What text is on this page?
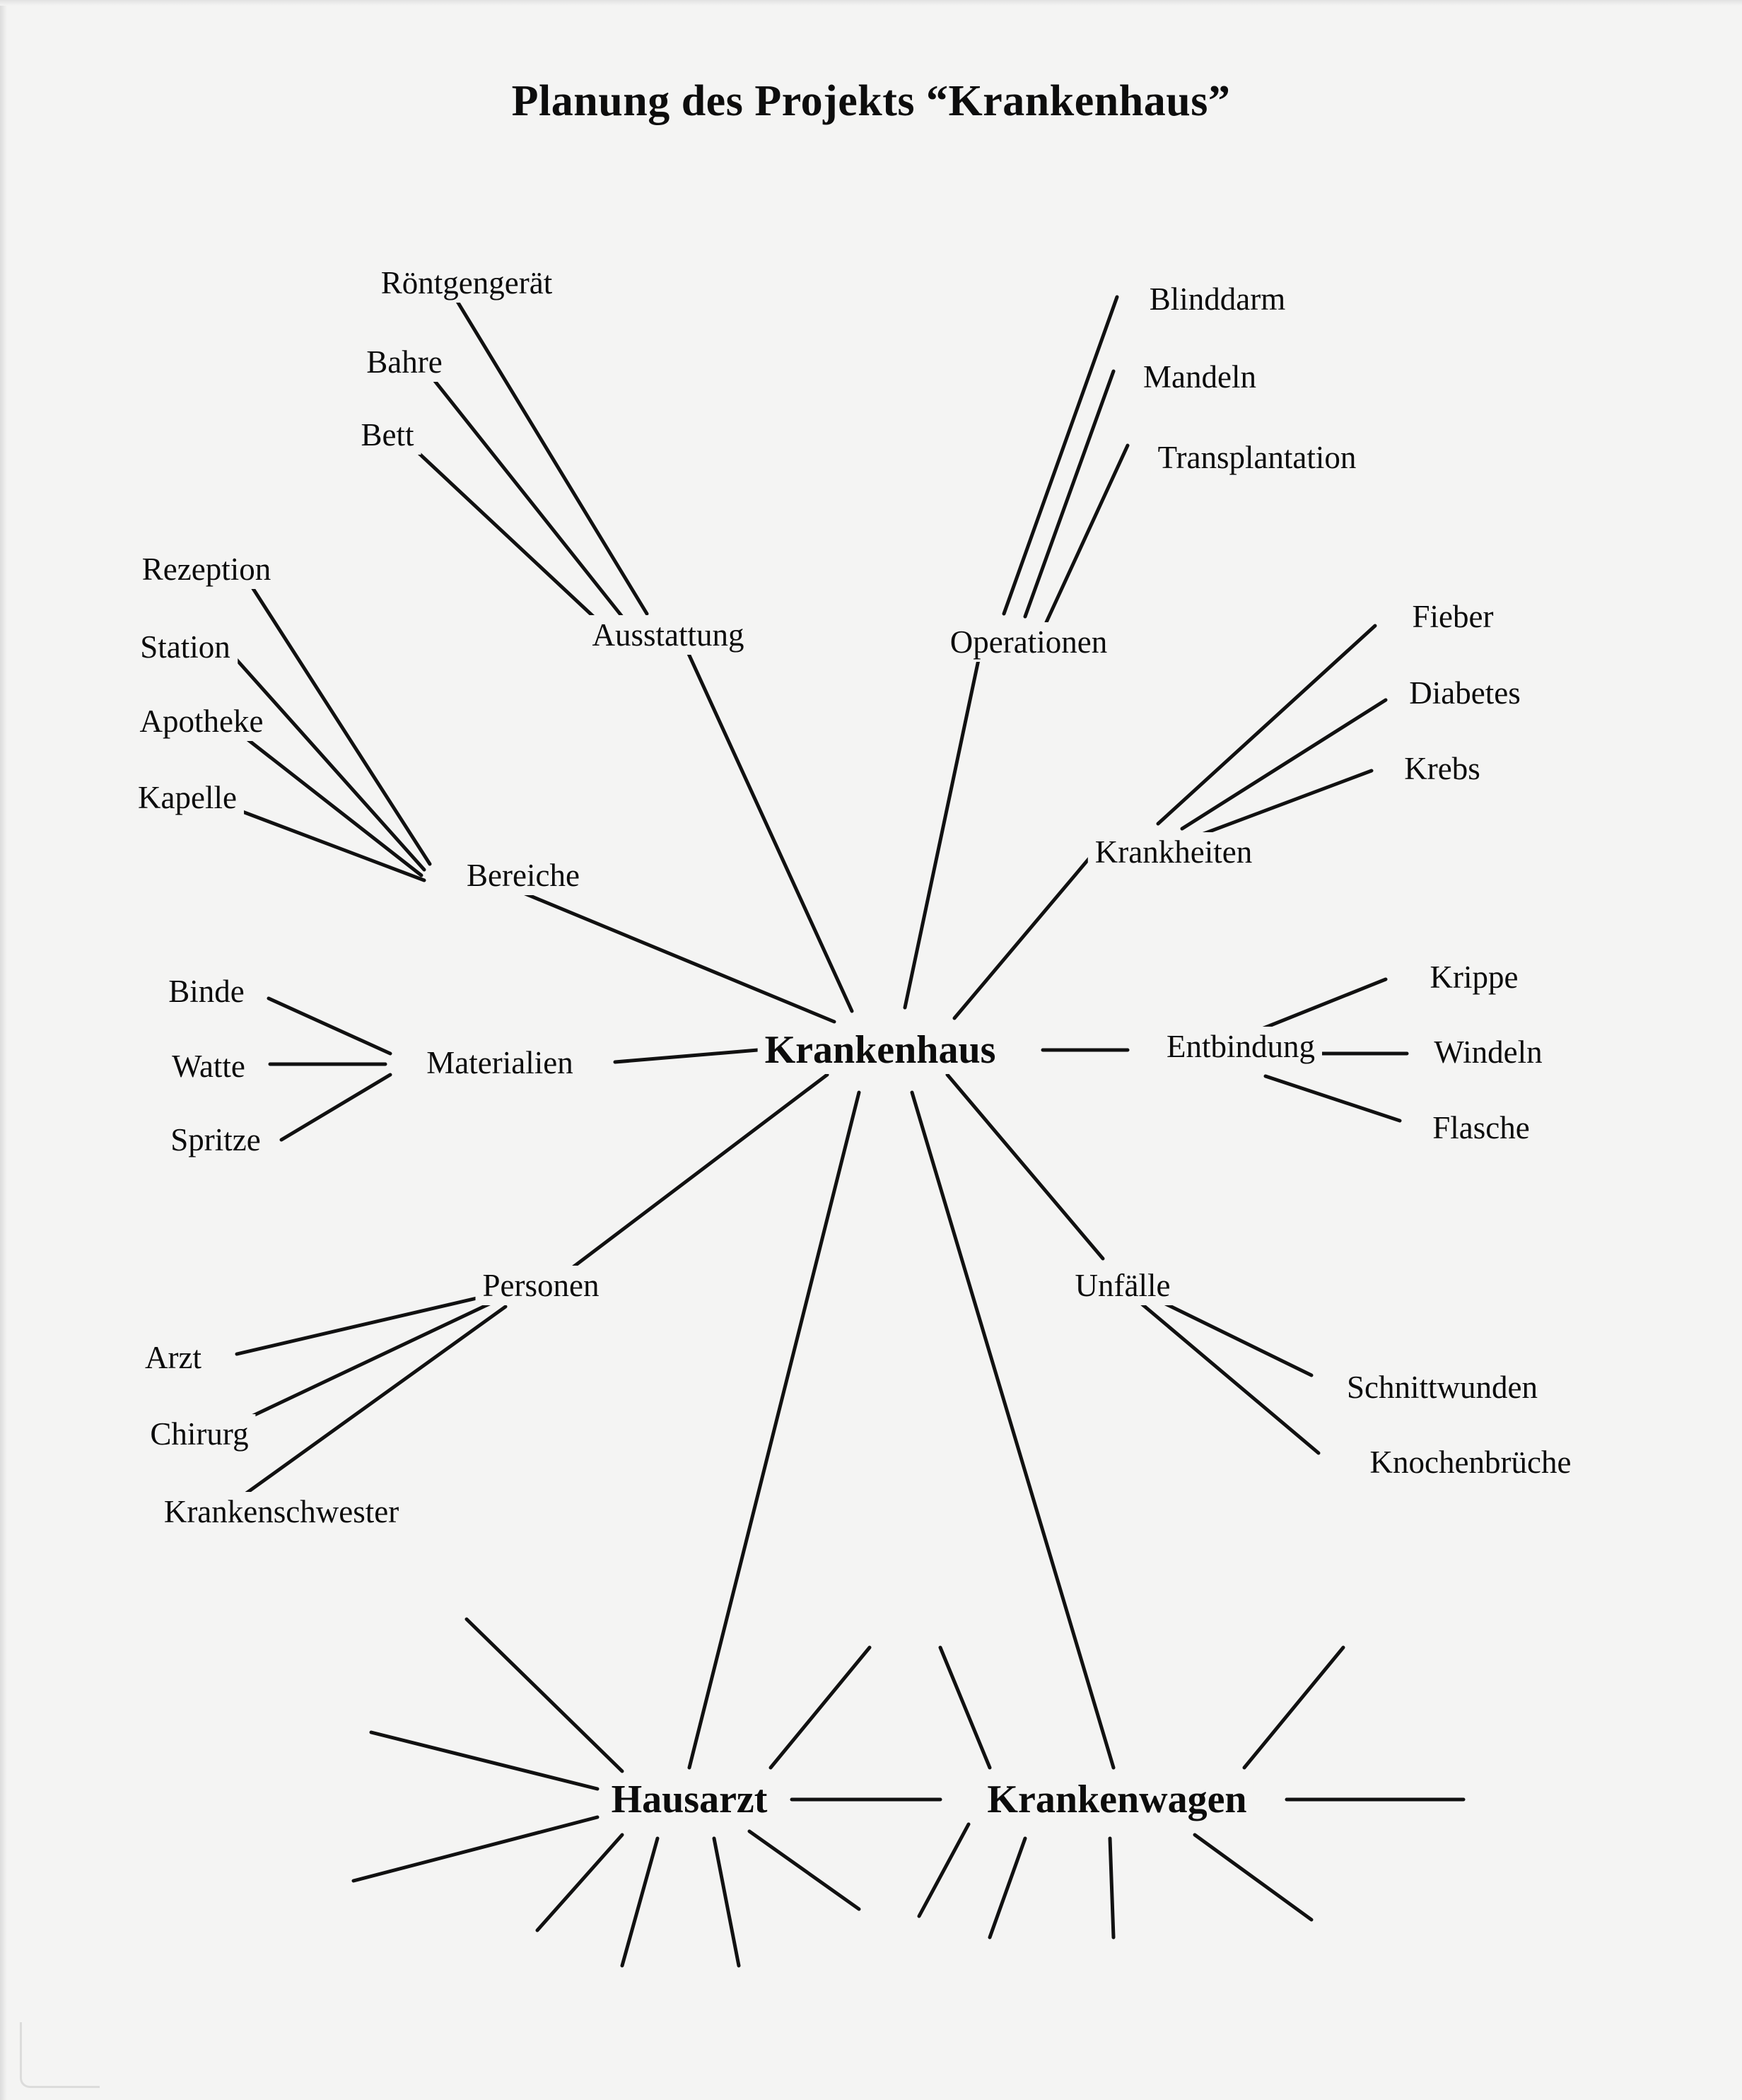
Planung des Projekts “Krankenhaus”
Krankenhaus
Hausarzt	Krankenwagen
Ausstattung
Bereiche
Materialien
Personen
Operationen
Krankheiten
Entbindung
Unfälle
Röntgengerät
Bahre
Bett
Rezeption
Station
Apotheke
Kapelle
Binde
Watte
Spritze
Arzt
Chirurg
Krankenschwester
Blinddarm
Mandeln
Transplantation
Fieber
Diabetes
Krebs
Krippe
Windeln
Flasche
Schnittwunden
Knochenbrüche
